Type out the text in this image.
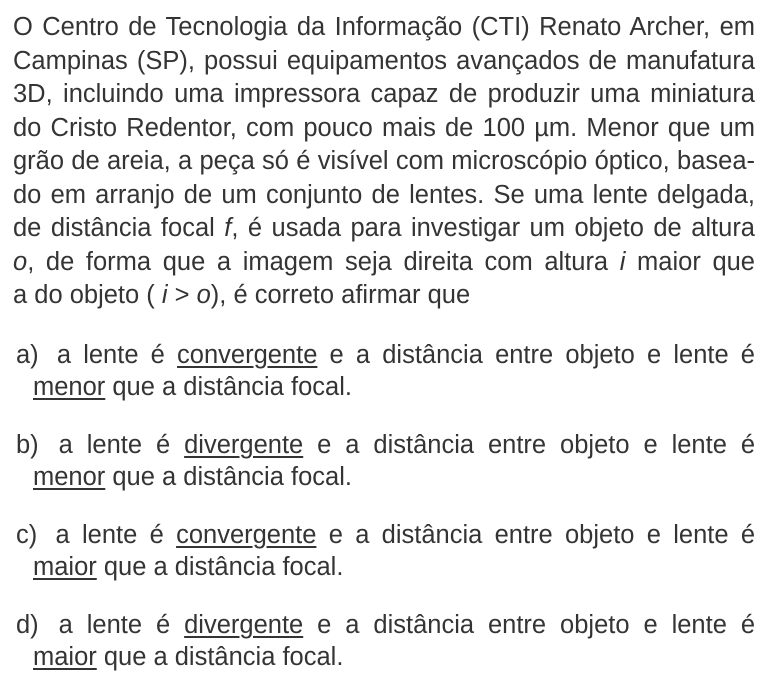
O Centro de Tecnologia da Informação (CTI) Renato Archer, em
Campinas (SP), possui equipamentos avançados de manufatura
3D, incluindo uma impressora capaz de produzir uma miniatura
do Cristo Redentor, com pouco mais de 100 µm. Menor que um
grão de areia, a peça só é visível com microscópio óptico, basea-
do em arranjo de um conjunto de lentes. Se uma lente delgada,
de distância focal f, é usada para investigar um objeto de altura
o, de forma que a imagem seja direita com altura i maior que
a do objeto ( i > o), é correto afirmar que
a) a lente é convergente e a distância entre objeto e lente é
menor que a distância focal.
b) a lente é divergente e a distância entre objeto e lente é
menor que a distância focal.
c) a lente é convergente e a distância entre objeto e lente é
maior que a distância focal.
d) a lente é divergente e a distância entre objeto e lente é
maior que a distância focal.
